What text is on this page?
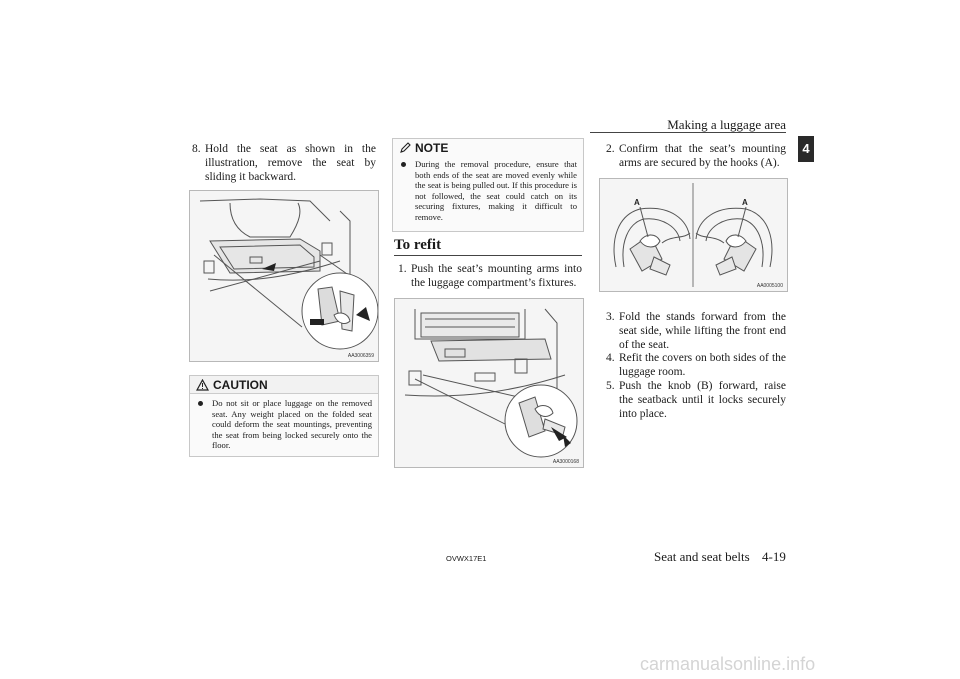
Making a luggage area
4
8. Hold the seat as shown in the illustration, remove the seat by sliding it backward.
AA3006359
CAUTION
Do not sit or place luggage on the removed seat. Any weight placed on the folded seat could deform the seat mountings, preventing the seat from being locked securely onto the floor.
NOTE
During the removal procedure, ensure that both ends of the seat are moved evenly while the seat is being pulled out. If this procedure is not followed, the seat could catch on its securing fixtures, making it difficult to remove.
To refit
1. Push the seat’s mounting arms into the luggage compartment’s fixtures.
AA3000168
2. Confirm that the seat’s mounting arms are secured by the hooks (A).
A	A
AA0005100
3. Fold the stands forward from the seat side, while lifting the front end of the seat.
4. Refit the covers on both sides of the luggage room.
5. Push the knob (B) forward, raise the seatback until it locks securely into place.
OVWX17E1	Seat and seat belts 4-19
carmanualsonline.info
